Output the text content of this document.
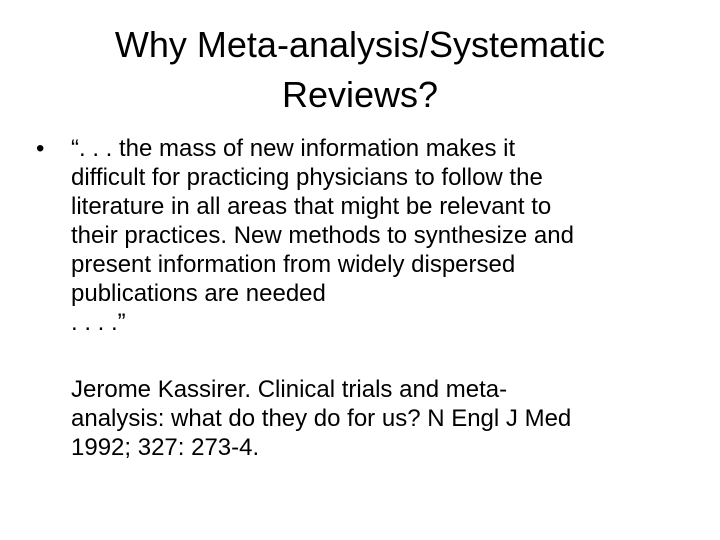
Why Meta-analysis/Systematic
Reviews?
•	“. . . the mass of new information makes it
difficult for practicing physicians to follow the
literature in all areas that might be relevant to
their practices. New methods to synthesize and
present information from widely dispersed
publications are needed
. . . .”
Jerome Kassirer. Clinical trials and meta-
analysis: what do they do for us? N Engl J Med
1992; 327: 273-4.
